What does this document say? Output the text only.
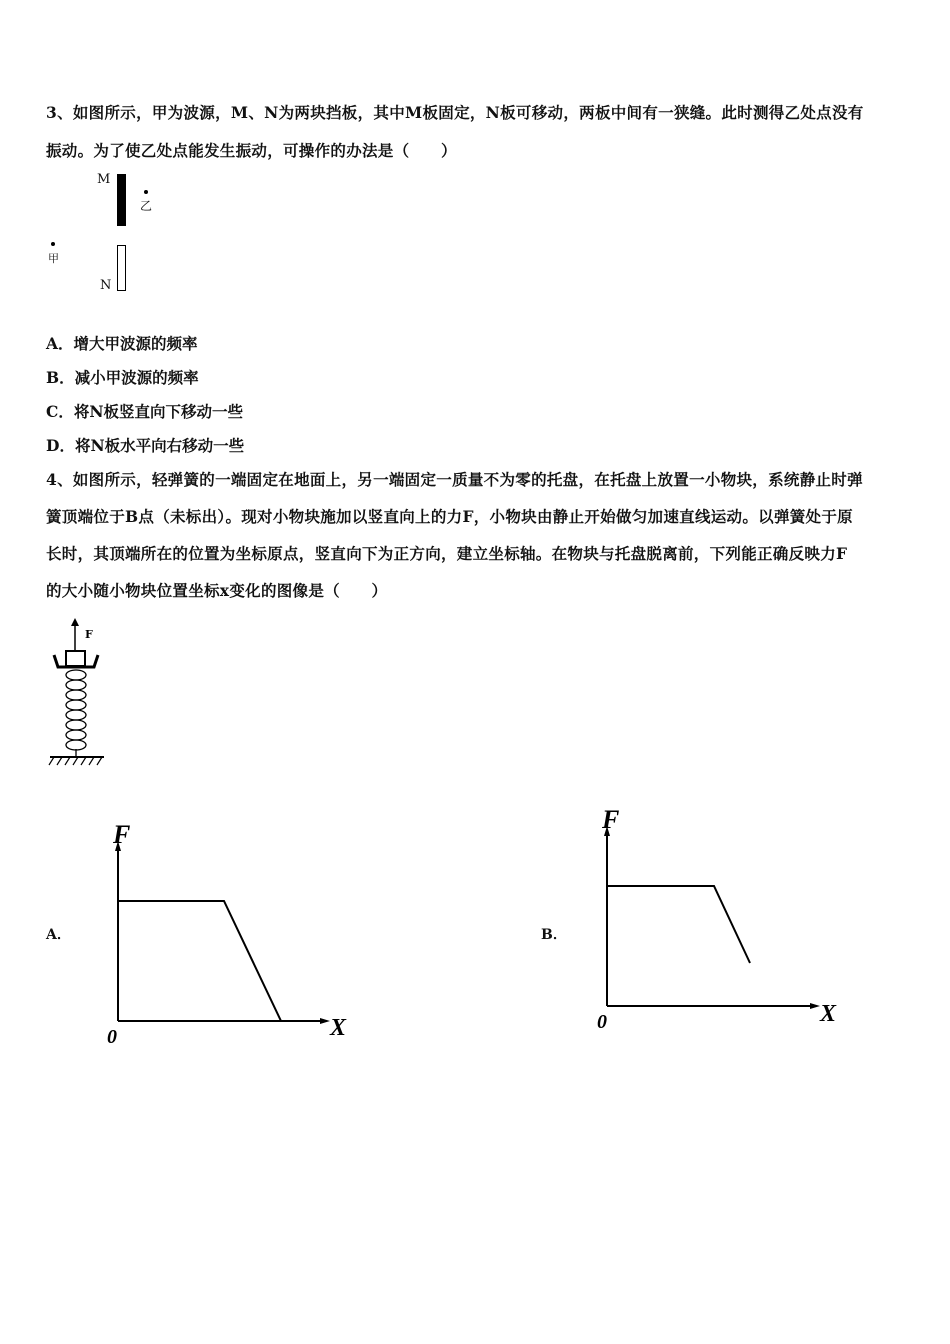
3、如图所示，甲为波源，M、N为两块挡板，其中M板固定，N板可移动，两板中间有一狭缝。此时测得乙处点没有
振动。为了使乙处点能发生振动，可操作的办法是（　　）
M
乙
甲
N
A．增大甲波源的频率
B．减小甲波源的频率
C．将N板竖直向下移动一些
D．将N板水平向右移动一些
4、如图所示，轻弹簧的一端固定在地面上，另一端固定一质量不为零的托盘，在托盘上放置一小物块，系统静止时弹
簧顶端位于B点（未标出）。现对小物块施加以竖直向上的力F，小物块由静止开始做匀加速直线运动。以弹簧处于原
长时，其顶端所在的位置为坐标原点，竖直向下为正方向，建立坐标轴。在物块与托盘脱离前，下列能正确反映力F
的大小随小物块位置坐标x变化的图像是（　　）
F
A．
F
X
0
B．
F
X
0
